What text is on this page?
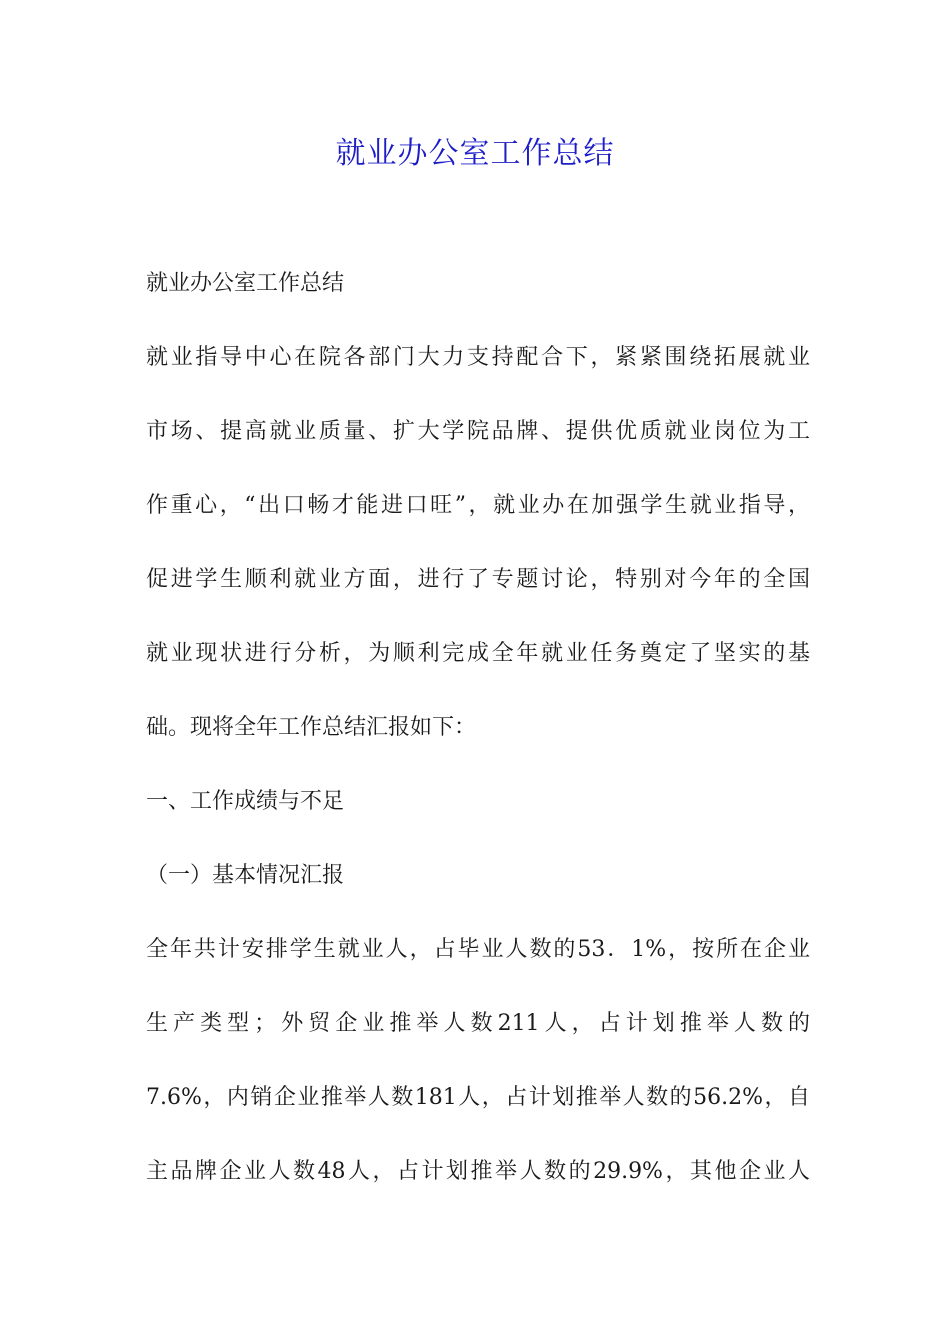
就业办公室工作总结

就业办公室工作总结

就业指导中心在院各部门大力支持配合下，紧紧围绕拓展就业

市场、提高就业质量、扩大学院品牌、提供优质就业岗位为工

作重心，“出口畅才能进口旺”，就业办在加强学生就业指导，

促进学生顺利就业方面，进行了专题讨论，特别对今年的全国

就业现状进行分析，为顺利完成全年就业任务奠定了坚实的基

础。现将全年工作总结汇报如下：

一、工作成绩与不足

（一）基本情况汇报

全年共计安排学生就业人，占毕业人数的53．1%，按所在企业

生产类型；外贸企业推举人数211人，占计划推举人数的

7.6%，内销企业推举人数181人，占计划推举人数的56.2%，自

主品牌企业人数48人，占计划推举人数的29.9%，其他企业人
